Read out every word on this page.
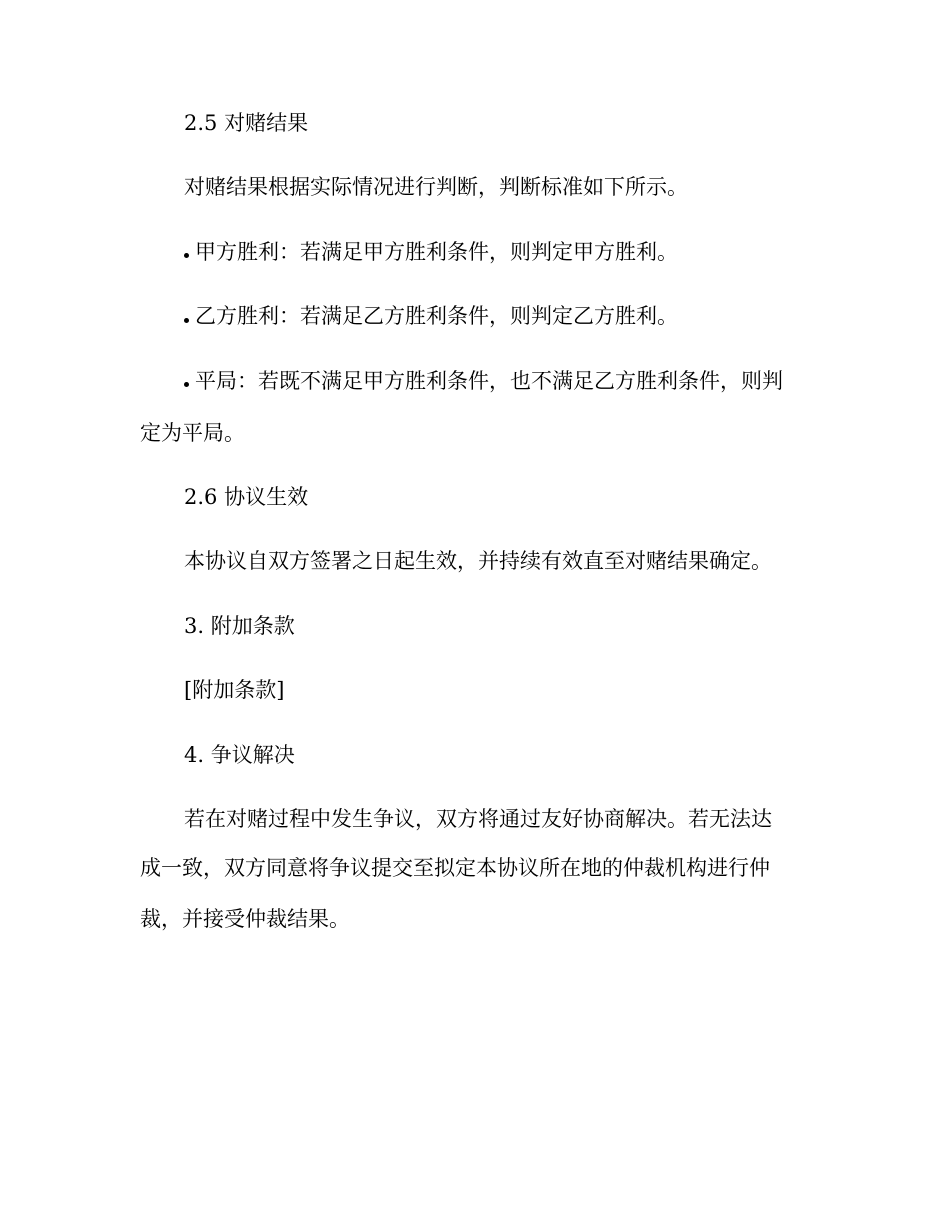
2.5 对赌结果

对赌结果根据实际情况进行判断，判断标准如下所示。

甲方胜利：若满足甲方胜利条件，则判定甲方胜利。

乙方胜利：若满足乙方胜利条件，则判定乙方胜利。

平局：若既不满足甲方胜利条件，也不满足乙方胜利条件，则判

定为平局。

2.6 协议生效

本协议自双方签署之日起生效，并持续有效直至对赌结果确定。

3. 附加条款

[附加条款]

4. 争议解决

若在对赌过程中发生争议，双方将通过友好协商解决。若无法达

成一致，双方同意将争议提交至拟定本协议所在地的仲裁机构进行仲

裁，并接受仲裁结果。
